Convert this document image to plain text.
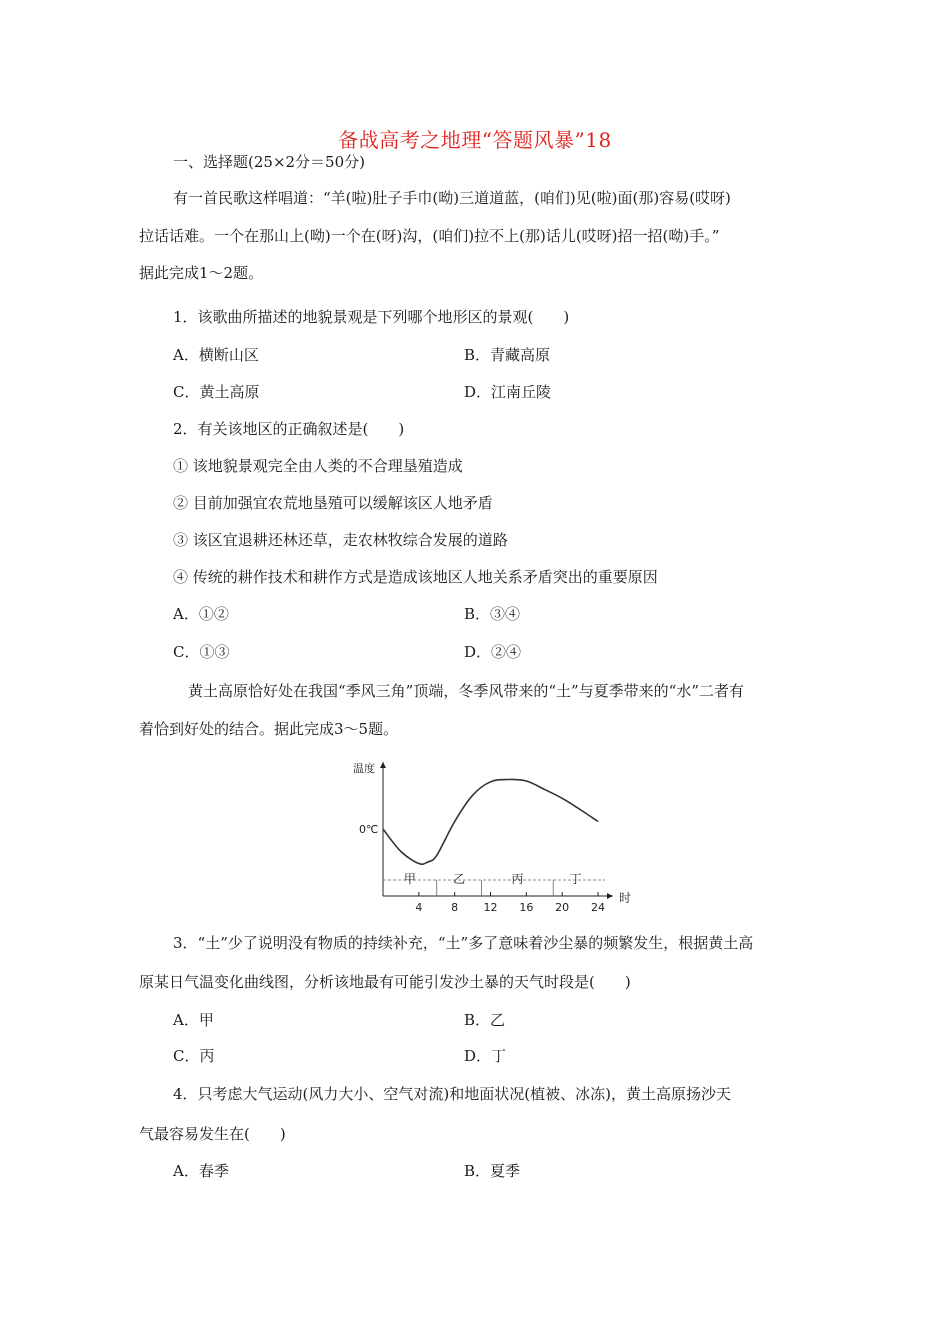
备战高考之地理“答题风暴”18
一、选择题(25×2分＝50分)
有一首民歌这样唱道：“羊(啦)肚子手巾(呦)三道道蓝，(咱们)见(啦)面(那)容易(哎呀)
拉话话难。一个在那山上(呦)一个在(呀)沟，(咱们)拉不上(那)话儿(哎呀)招一招(呦)手。”
据此完成1～2题。
1．该歌曲所描述的地貌景观是下列哪个地形区的景观(　　)
A．横断山区	B．青藏高原
C．黄土高原	D．江南丘陵
2．有关该地区的正确叙述是(　　)
① 该地貌景观完全由人类的不合理垦殖造成
② 目前加强宜农荒地垦殖可以缓解该区人地矛盾
③ 该区宜退耕还林还草，走农林牧综合发展的道路
④ 传统的耕作技术和耕作方式是造成该地区人地关系矛盾突出的重要原因
A．①②	B．③④
C．①③	D．②④
黄土高原恰好处在我国“季风三角”顶端，冬季风带来的“土”与夏季带来的“水”二者有
着恰到好处的结合。据此完成3～5题。
温度
时
0℃
4	8 12 16 20 24
甲	乙	丙	丁
3．“土”少了说明没有物质的持续补充，“土”多了意味着沙尘暴的频繁发生，根据黄土高
原某日气温变化曲线图，分析该地最有可能引发沙土暴的天气时段是(　　)
A．甲	B．乙
C．丙	D．丁
4．只考虑大气运动(风力大小、空气对流)和地面状况(植被、冰冻)，黄土高原扬沙天
气最容易发生在(　　)
A．春季	B．夏季
